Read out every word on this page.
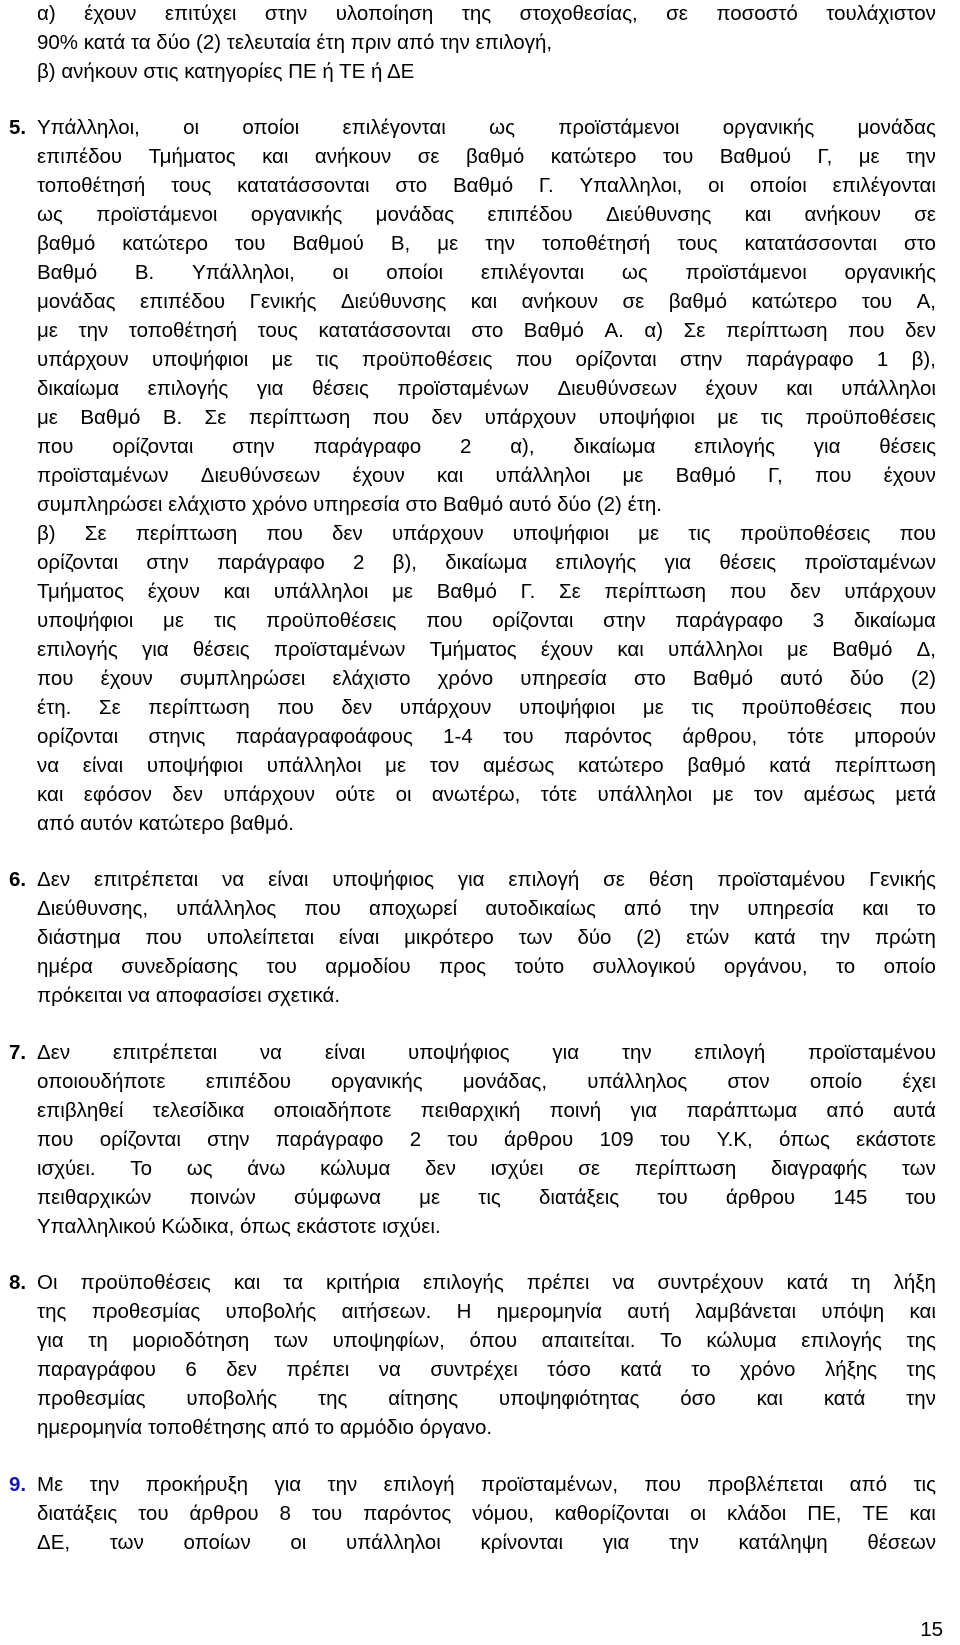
α) έχουν επιτύχει στην υλοποίηση της στοχοθεσίας, σε ποσοστό τουλάχιστον
90% κατά τα δύο (2) τελευταία έτη πριν από την επιλογή,
β) ανήκουν στις κατηγορίες ΠΕ ή ΤΕ ή ΔΕ
5. Υπάλληλοι, οι οποίοι επιλέγονται ως προϊστάμενοι οργανικής μονάδας
επιπέδου Τμήματος και ανήκουν σε βαθμό κατώτερο του Βαθμού Γ, με την
τοποθέτησή τους κατατάσσονται στο Βαθμό Γ. Υπαλληλοι, οι οποίοι επιλέγονται
ως προϊστάμενοι οργανικής μονάδας επιπέδου Διεύθυνσης και ανήκουν σε
βαθμό κατώτερο του Βαθμού Β, με την τοποθέτησή τους κατατάσσονται στο
Βαθμό Β. Υπάλληλοι, οι οποίοι επιλέγονται ως προϊστάμενοι οργανικής
μονάδας επιπέδου Γενικής Διεύθυνσης και ανήκουν σε βαθμό κατώτερο του Α,
με την τοποθέτησή τους κατατάσσονται στο Βαθμό Α. α) Σε περίπτωση που δεν
υπάρχουν υποψήφιοι με τις προϋποθέσεις που ορίζονται στην παράγραφο 1 β),
δικαίωμα επιλογής για θέσεις προϊσταμένων Διευθύνσεων έχουν και υπάλληλοι
με Βαθμό Β. Σε περίπτωση που δεν υπάρχουν υποψήφιοι με τις προϋποθέσεις
που ορίζονται στην παράγραφο 2 α), δικαίωμα επιλογής για θέσεις
προϊσταμένων Διευθύνσεων έχουν και υπάλληλοι με Βαθμό Γ, που έχουν
συμπληρώσει ελάχιστο χρόνο υπηρεσία στο Βαθμό αυτό δύο (2) έτη.
β) Σε περίπτωση που δεν υπάρχουν υποψήφιοι με τις προϋποθέσεις που
ορίζονται στην παράγραφο 2 β), δικαίωμα επιλογής για θέσεις προϊσταμένων
Τμήματος έχουν και υπάλληλοι με Βαθμό Γ. Σε περίπτωση που δεν υπάρχουν
υποψήφιοι με τις προϋποθέσεις που ορίζονται στην παράγραφο 3 δικαίωμα
επιλογής για θέσεις προϊσταμένων Τμήματος έχουν και υπάλληλοι με Βαθμό Δ,
που έχουν συμπληρώσει ελάχιστο χρόνο υπηρεσία στο Βαθμό αυτό δύο (2)
έτη. Σε περίπτωση που δεν υπάρχουν υποψήφιοι με τις προϋποθέσεις που
ορίζονται στηνις παράαγραφοάφους 1-4 του παρόντος άρθρου, τότε μπορούν
να είναι υποψήφιοι υπάλληλοι με τον αμέσως κατώτερο βαθμό κατά περίπτωση
και εφόσον δεν υπάρχουν ούτε οι ανωτέρω, τότε υπάλληλοι με τον αμέσως μετά
από αυτόν κατώτερο βαθμό.
6. Δεν επιτρέπεται να είναι υποψήφιος για επιλογή σε θέση προϊσταμένου Γενικής
Διεύθυνσης, υπάλληλος που αποχωρεί αυτοδικαίως από την υπηρεσία και το
διάστημα που υπολείπεται είναι μικρότερο των δύο (2) ετών κατά την πρώτη
ημέρα συνεδρίασης του αρμοδίου προς τούτο συλλογικού οργάνου, το οποίο
πρόκειται να αποφασίσει σχετικά.
7. Δεν επιτρέπεται να είναι υποψήφιος για την επιλογή προϊσταμένου
οποιουδήποτε επιπέδου οργανικής μονάδας, υπάλληλος στον οποίο έχει
επιβληθεί τελεσίδικα οποιαδήποτε πειθαρχική ποινή για παράπτωμα από αυτά
που ορίζονται στην παράγραφο 2 του άρθρου 109 του Υ.Κ, όπως εκάστοτε
ισχύει. Το ως άνω κώλυμα δεν ισχύει σε περίπτωση διαγραφής των
πειθαρχικών ποινών σύμφωνα με τις διατάξεις του άρθρου 145 του
Υπαλληλικού Κώδικα, όπως εκάστοτε ισχύει.
8. Οι προϋποθέσεις και τα κριτήρια επιλογής πρέπει να συντρέχουν κατά τη λήξη
της προθεσμίας υποβολής αιτήσεων. Η ημερομηνία αυτή λαμβάνεται υπόψη και
για τη μοριοδότηση των υποψηφίων, όπου απαιτείται. Το κώλυμα επιλογής της
παραγράφου 6 δεν πρέπει να συντρέχει τόσο κατά το χρόνο λήξης της
προθεσμίας υποβολής της αίτησης υποψηφιότητας όσο και κατά την
ημερομηνία τοποθέτησης από το αρμόδιο όργανο.
9. Με την προκήρυξη για την επιλογή προϊσταμένων, που προβλέπεται από τις
διατάξεις του άρθρου 8 του παρόντος νόμου, καθορίζονται οι κλάδοι ΠΕ, ΤΕ και
ΔΕ, των οποίων οι υπάλληλοι κρίνονται για την κατάληψη θέσεων
15
